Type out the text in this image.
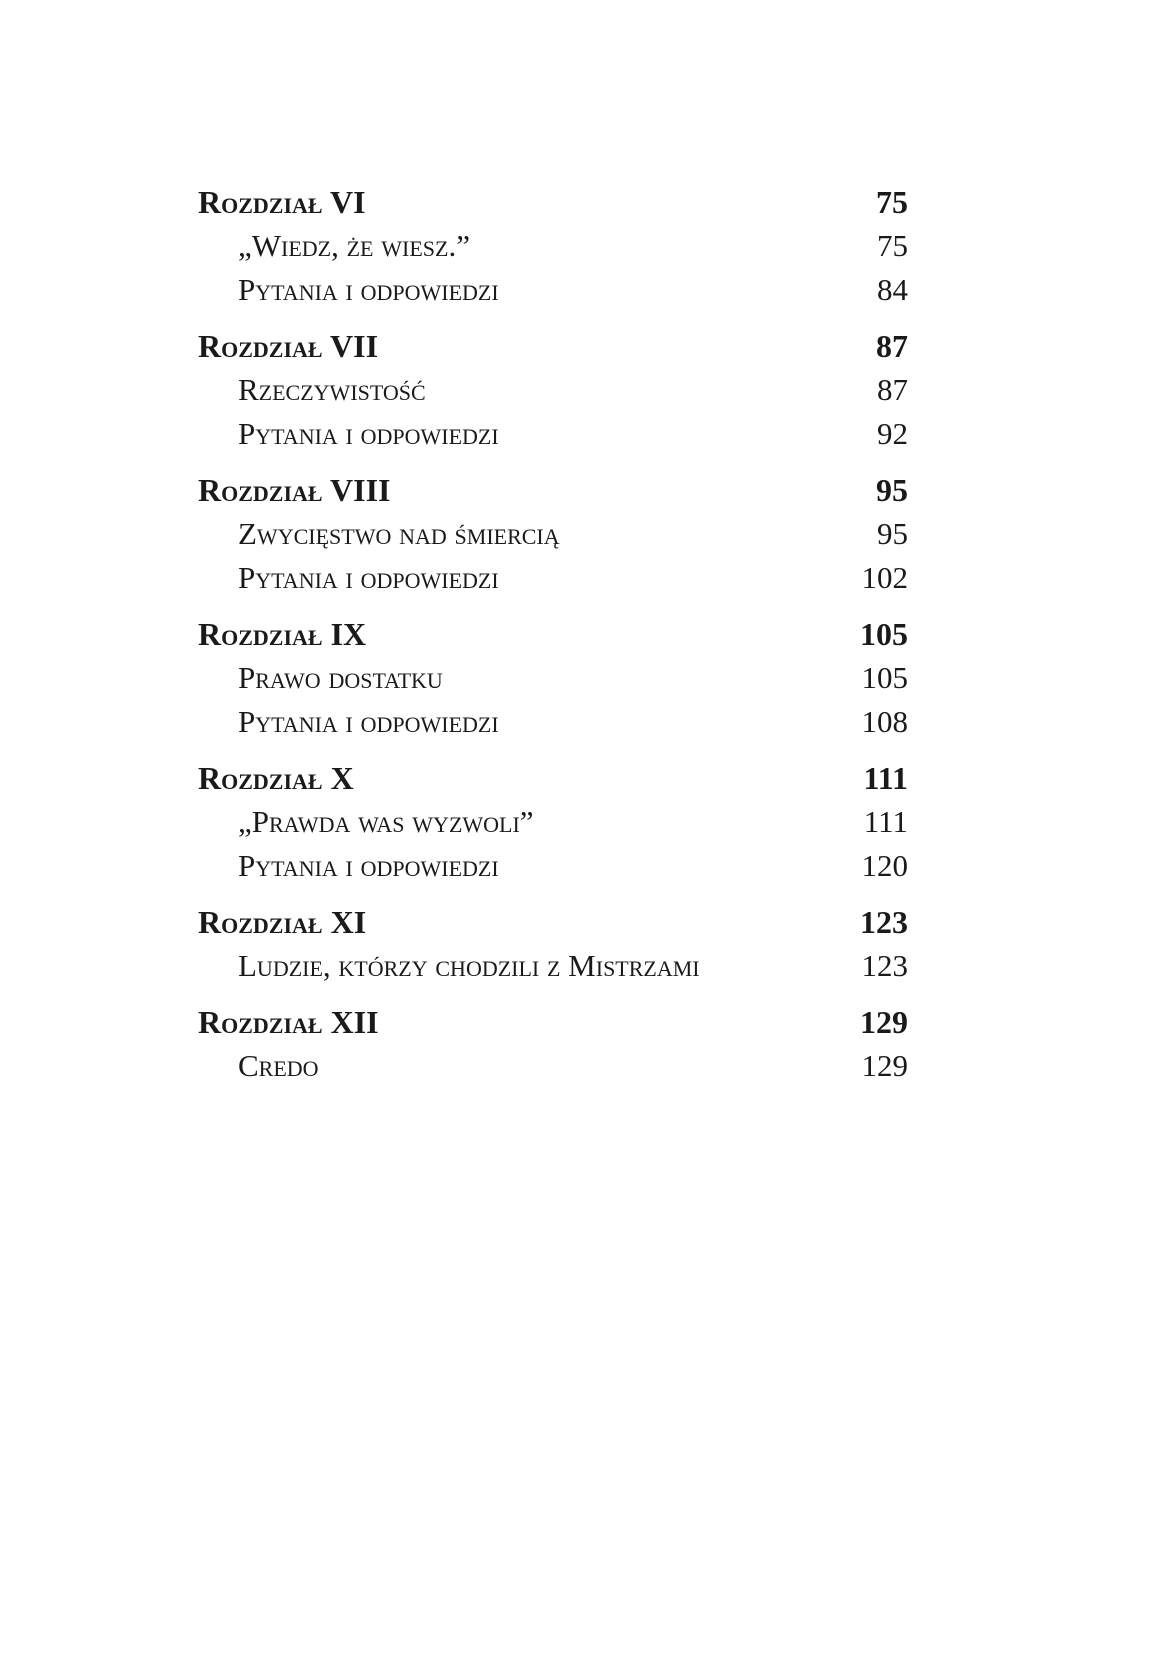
Rozdział VI	75
„Wiedz, że wiesz.”	75
Pytania i odpowiedzi	84
Rozdział VII	87
Rzeczywistość	87
Pytania i odpowiedzi	92
Rozdział VIII	95
Zwycięstwo nad śmiercią	95
Pytania i odpowiedzi	102
Rozdział IX	105
Prawo dostatku	105
Pytania i odpowiedzi	108
Rozdział X	111
„Prawda was wyzwoli”	111
Pytania i odpowiedzi	120
Rozdział XI	123
Ludzie, którzy chodzili z Mistrzami	123
Rozdział XII	129
Credo	129
